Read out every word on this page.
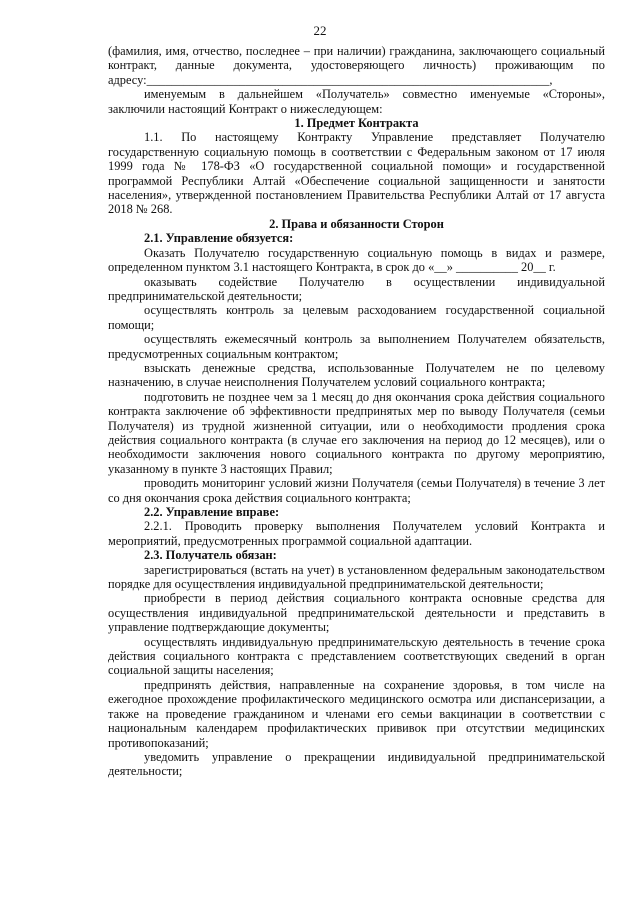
22

(фамилия, имя, отчество, последнее – при наличии) гражданина, заключающего социальный контракт, данные документа, удостоверяющего личность) проживающим по адресу:_________________________________________________________________,

именуемым в дальнейшем «Получатель» совместно именуемые «Стороны», заключили настоящий Контракт о нижеследующем:

1. Предмет Контракта

1.1. По настоящему Контракту Управление представляет Получателю государственную социальную помощь в соответствии с Федеральным законом от 17 июля 1999 года № 178-ФЗ «О государственной социальной помощи» и государственной программой Республики Алтай «Обеспечение социальной защищенности и занятости населения», утвержденной постановлением Правительства Республики Алтай от 17 августа 2018 № 268.

2. Права и обязанности Сторон

2.1. Управление обязуется:

Оказать Получателю государственную социальную помощь в видах и размере, определенном пунктом 3.1 настоящего Контракта, в срок до «__» __________ 20__ г.

оказывать содействие Получателю в осуществлении индивидуальной предпринимательской деятельности;

осуществлять контроль за целевым расходованием государственной социальной помощи;

осуществлять ежемесячный контроль за выполнением Получателем обязательств, предусмотренных социальным контрактом;

взыскать денежные средства, использованные Получателем не по целевому назначению, в случае неисполнения Получателем условий социального контракта;

подготовить не позднее чем за 1 месяц до дня окончания срока действия социального контракта заключение об эффективности предпринятых мер по выводу Получателя (семьи Получателя) из трудной жизненной ситуации, или о необходимости продления срока действия социального контракта (в случае его заключения на период до 12 месяцев), или о необходимости заключения нового социального контракта по другому мероприятию, указанному в пункте 3 настоящих Правил;

проводить мониторинг условий жизни Получателя (семьи Получателя) в течение 3 лет со дня окончания срока действия социального контракта;

2.2. Управление вправе:

2.2.1. Проводить проверку выполнения Получателем условий Контракта и мероприятий, предусмотренных программой социальной адаптации.

2.3. Получатель обязан:

зарегистрироваться (встать на учет) в установленном федеральным законодательством порядке для осуществления индивидуальной предпринимательской деятельности;

приобрести в период действия социального контракта основные средства для осуществления индивидуальной предпринимательской деятельности и представить в управление подтверждающие документы;

осуществлять индивидуальную предпринимательскую деятельность в течение срока действия социального контракта с представлением соответствующих сведений в орган социальной защиты населения;

предпринять действия, направленные на сохранение здоровья, в том числе на ежегодное прохождение профилактического медицинского осмотра или диспансеризации, а также на проведение гражданином и членами его семьи вакцинации в соответствии с национальным календарем профилактических прививок при отсутствии медицинских противопоказаний;

уведомить управление о прекращении индивидуальной предпринимательской деятельности;
